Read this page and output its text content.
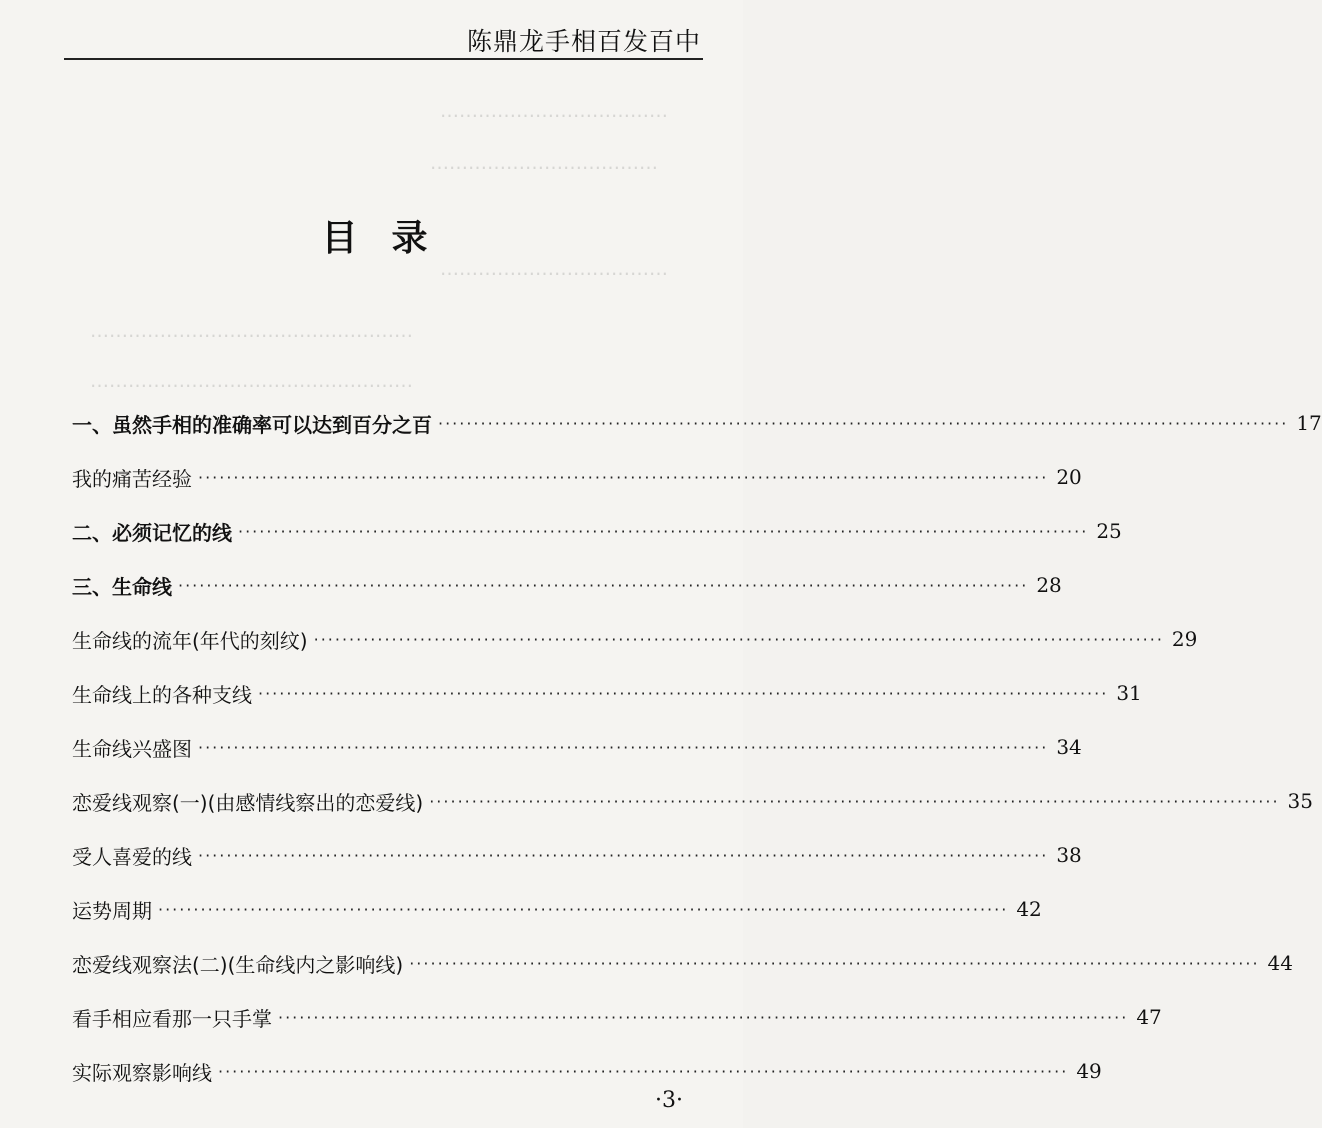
………………………………
………………………………
………………………………
……………………………………………
……………………………………………
陈鼎龙手相百发百中
目录
一、虽然手相的准确率可以达到百分之百 ························································································································ 17
我的痛苦经验 ························································································································ 20
二、必须记忆的线 ························································································································ 25
三、生命线 ························································································································ 28
生命线的流年(年代的刻纹) ························································································································ 29
生命线上的各种支线 ························································································································ 31
生命线兴盛图 ························································································································ 34
恋爱线观察(一)(由感情线察出的恋爱线) ························································································································ 35
受人喜爱的线 ························································································································ 38
运势周期 ························································································································ 42
恋爱线观察法(二)(生命线内之影响线) ························································································································ 44
看手相应看那一只手掌 ························································································································ 47
实际观察影响线 ························································································································ 49
·3·
